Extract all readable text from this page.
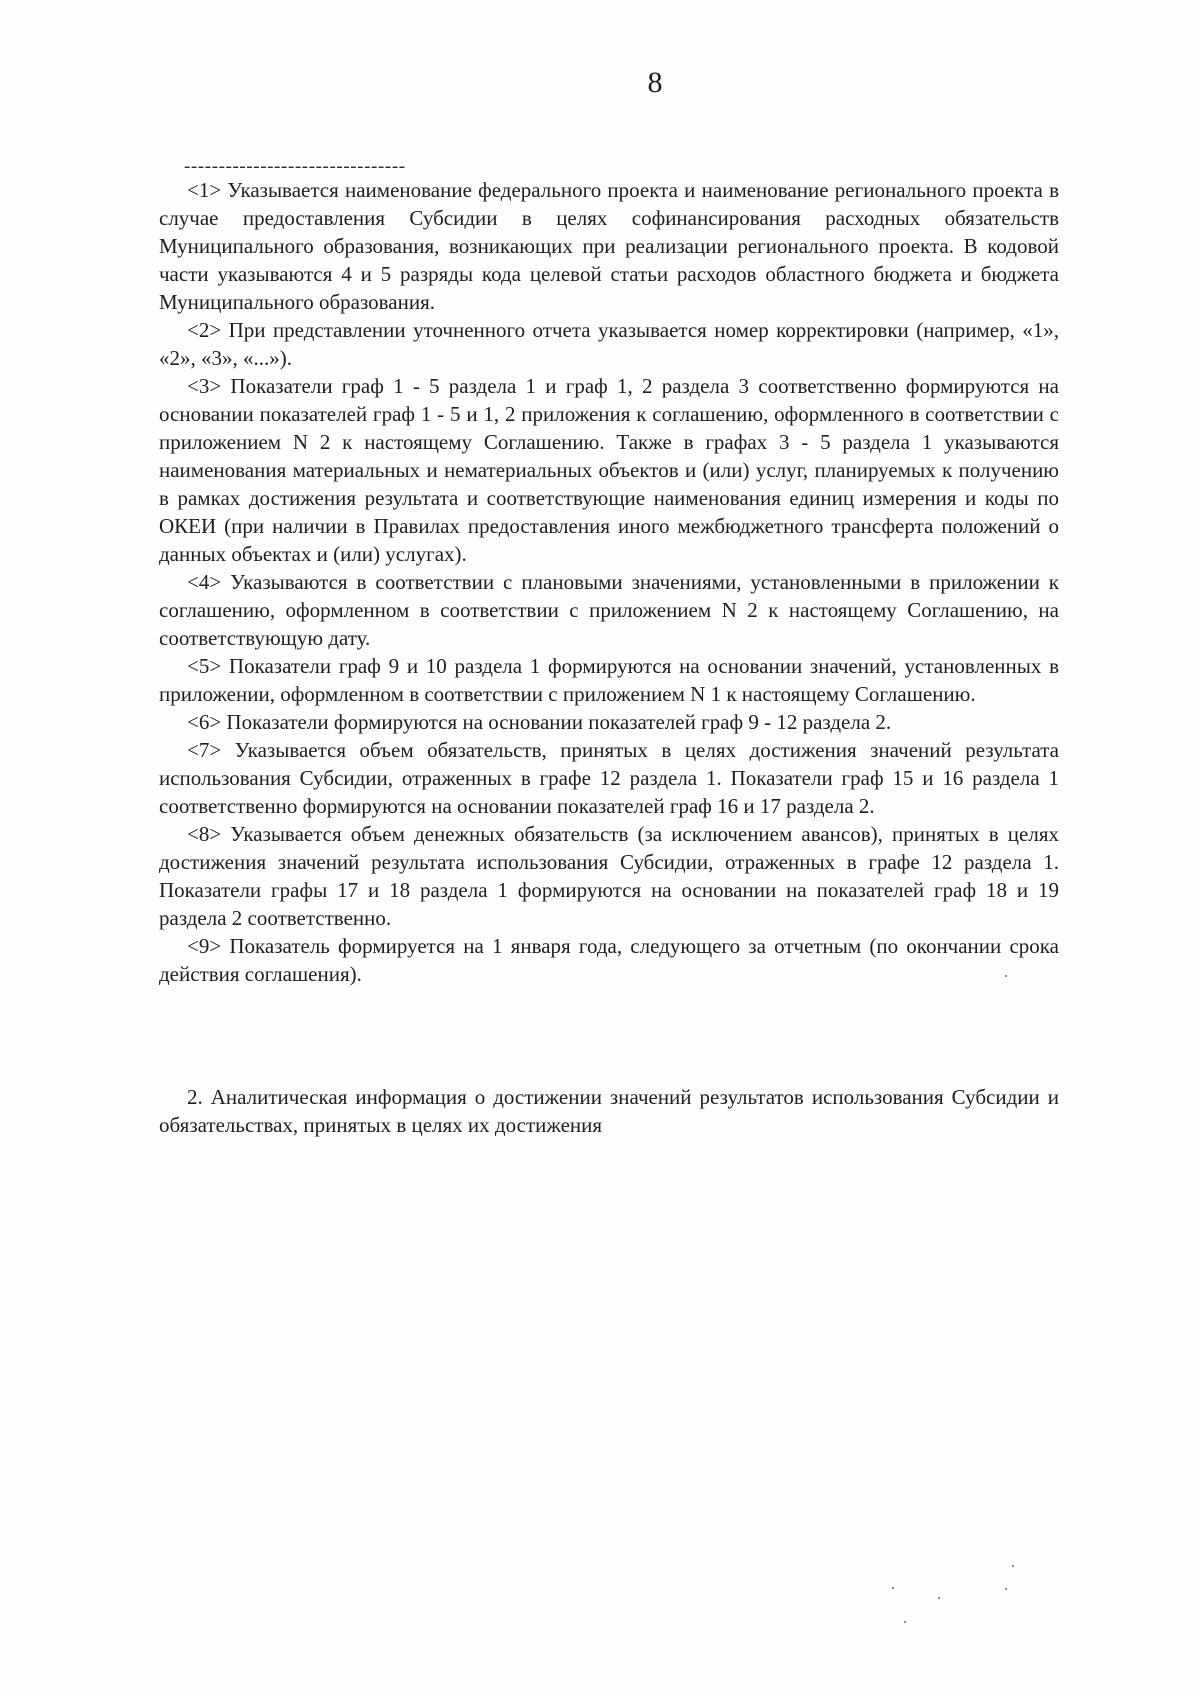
8
--------------------------------

<1> Указывается наименование федерального проекта и наименование регионального проекта в случае предоставления Субсидии в целях софинансирования расходных обязательств Муниципального образования, возникающих при реализации регионального проекта. В кодовой части указываются 4 и 5 разряды кода целевой статьи расходов областного бюджета и бюджета Муниципального образования.

<2> При представлении уточненного отчета указывается номер корректировки (например, «1», «2», «3», «...»).

<3> Показатели граф 1 - 5 раздела 1 и граф 1, 2 раздела 3 соответственно формируются на основании показателей граф 1 - 5 и 1, 2 приложения к соглашению, оформленного в соответствии с приложением N 2 к настоящему Соглашению. Также в графах 3 - 5 раздела 1 указываются наименования материальных и нематериальных объектов и (или) услуг, планируемых к получению в рамках достижения результата и соответствующие наименования единиц измерения и коды по ОКЕИ (при наличии в Правилах предоставления иного межбюджетного трансферта положений о данных объектах и (или) услугах).

<4> Указываются в соответствии с плановыми значениями, установленными в приложении к соглашению, оформленном в соответствии с приложением N 2 к настоящему Соглашению, на соответствующую дату.

<5> Показатели граф 9 и 10 раздела 1 формируются на основании значений, установленных в приложении, оформленном в соответствии с приложением N 1 к настоящему Соглашению.

<6> Показатели формируются на основании показателей граф 9 - 12 раздела 2.

<7> Указывается объем обязательств, принятых в целях достижения значений результата использования Субсидии, отраженных в графе 12 раздела 1. Показатели граф 15 и 16 раздела 1 соответственно формируются на основании показателей граф 16 и 17 раздела 2.

<8> Указывается объем денежных обязательств (за исключением авансов), принятых в целях достижения значений результата использования Субсидии, отраженных в графе 12 раздела 1. Показатели графы 17 и 18 раздела 1 формируются на основании на показателей граф 18 и 19 раздела 2 соответственно.

<9> Показатель формируется на 1 января года, следующего за отчетным (по окончании срока действия соглашения).

2. Аналитическая информация о достижении значений результатов использования Субсидии и обязательствах, принятых в целях их достижения
